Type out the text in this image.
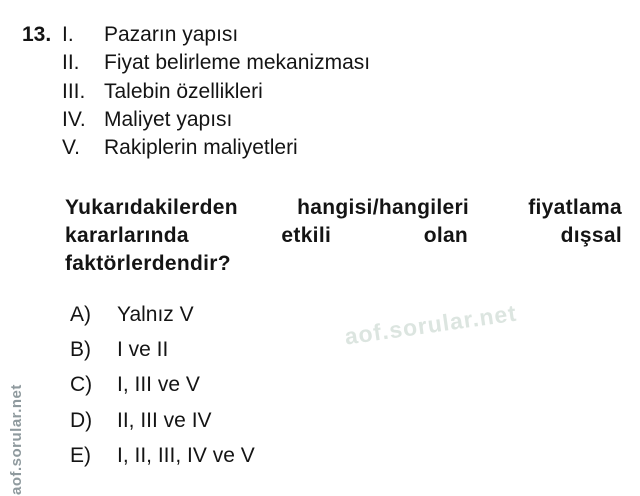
13. I.	Pazarın yapısı
II.	Fiyat belirleme mekanizması
III. Talebin özellikleri
IV. Maliyet yapısı
V.	Rakiplerin maliyetleri
Yukarıdakilerden hangisi/hangileri fiyatlama
kararlarında etkili olan dışsal
faktörlerdendir?
A)	Yalnız V
B)	I ve II
C)	I, III ve V
D)	II, III ve IV
E)	I, II, III, IV ve V
aof.sorular.net
aof.sorular.net
